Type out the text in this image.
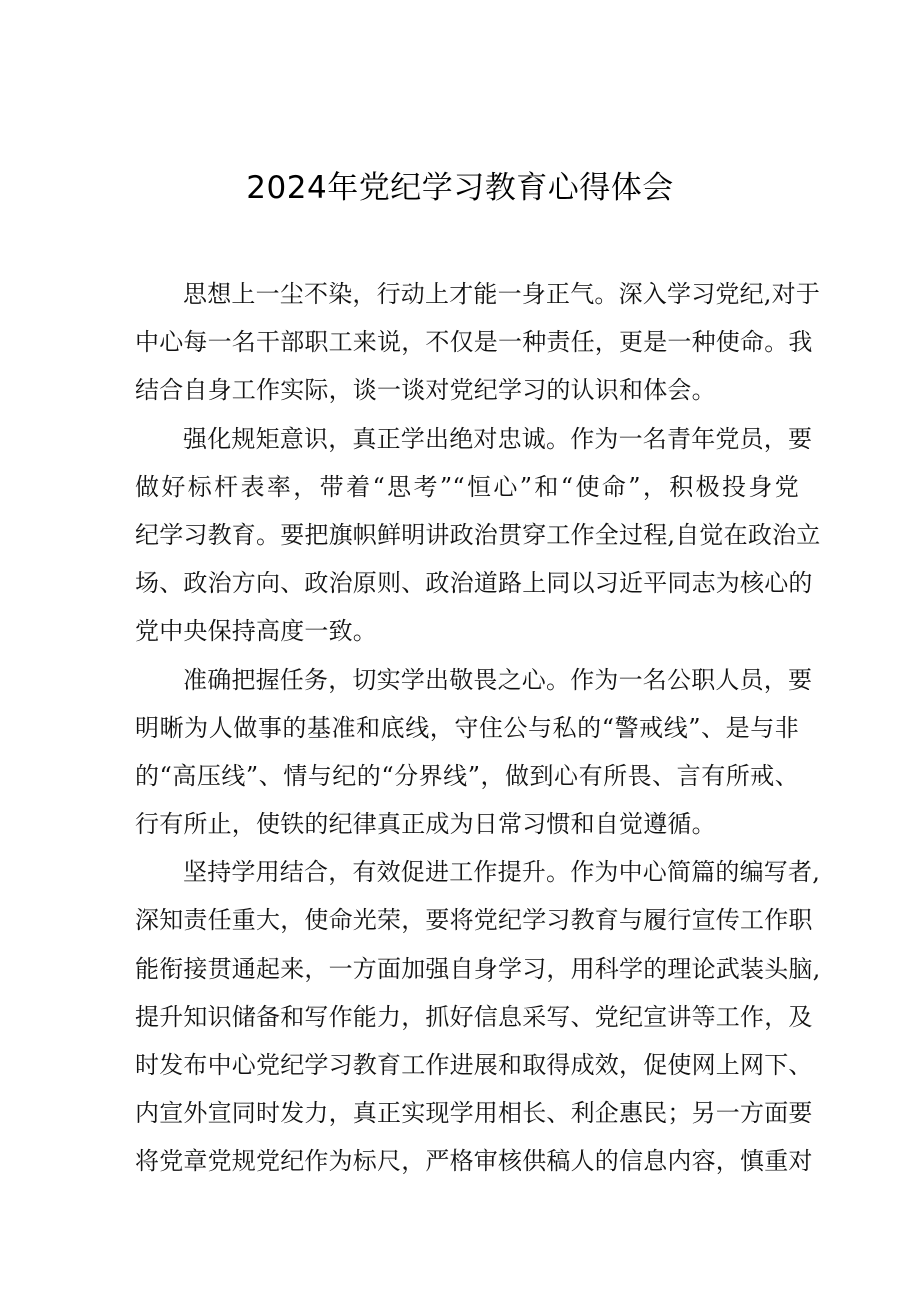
2024年党纪学习教育心得体会
思想上一尘不染，行动上才能一身正气。深入学习党纪,对于
中心每一名干部职工来说，不仅是一种责任，更是一种使命。我
结合自身工作实际，谈一谈对党纪学习的认识和体会。
强化规矩意识，真正学出绝对忠诚。作为一名青年党员，要
做好标杆表率，带着“思考”“恒心”和“使命”，积极投身党
纪学习教育。要把旗帜鲜明讲政治贯穿工作全过程,自觉在政治立
场、政治方向、政治原则、政治道路上同以习近平同志为核心的
党中央保持高度一致。
准确把握任务，切实学出敬畏之心。作为一名公职人员，要
明晰为人做事的基准和底线，守住公与私的“警戒线”、是与非
的“高压线”、情与纪的“分界线”，做到心有所畏、言有所戒、
行有所止，使铁的纪律真正成为日常习惯和自觉遵循。
坚持学用结合，有效促进工作提升。作为中心简篇的编写者,
深知责任重大，使命光荣，要将党纪学习教育与履行宣传工作职
能衔接贯通起来，一方面加强自身学习，用科学的理论武装头脑,
提升知识储备和写作能力，抓好信息采写、党纪宣讲等工作，及
时发布中心党纪学习教育工作进展和取得成效，促使网上网下、
内宣外宣同时发力，真正实现学用相长、利企惠民；另一方面要
将党章党规党纪作为标尺，严格审核供稿人的信息内容，慎重对
